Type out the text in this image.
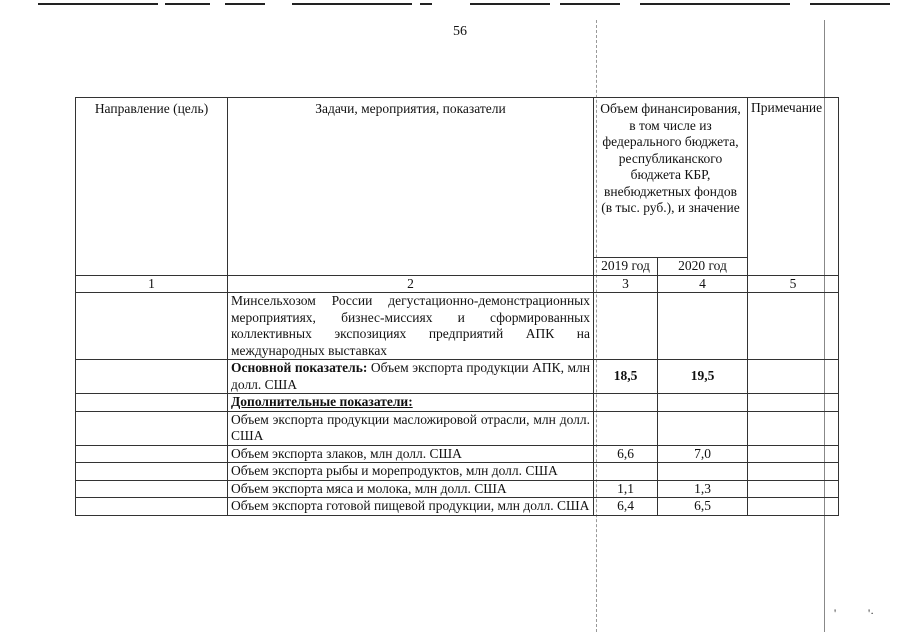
'	'·
56
Направление (цель)	Задачи, мероприятия, показатели	Объем финансирования, в том числе из федерального бюджета, республиканского бюджета КБР, внебюджетных фондов (в тыс. руб.), и значение		Примечание
		2019 год	2020 год	
1	2	3	4	5
	Минсельхозом России дегустационно-демонстрационных мероприятиях, бизнес-миссиях и сформированных коллективных экспозициях предприятий АПК на международных выставках			
	Основной показатель: Объем экспорта продукции АПК, млн долл. США	18,5	19,5	
	Дополнительные показатели:			
	Объем экспорта продукции масложировой отрасли, млн долл. США			
	Объем экспорта злаков, млн долл. США	6,6	7,0	
	Объем экспорта рыбы и морепродуктов, млн долл. США			
	Объем экспорта мяса и молока, млн долл. США	1,1	1,3	
	Объем экспорта готовой пищевой продукции, млн долл. США	6,4	6,5	
